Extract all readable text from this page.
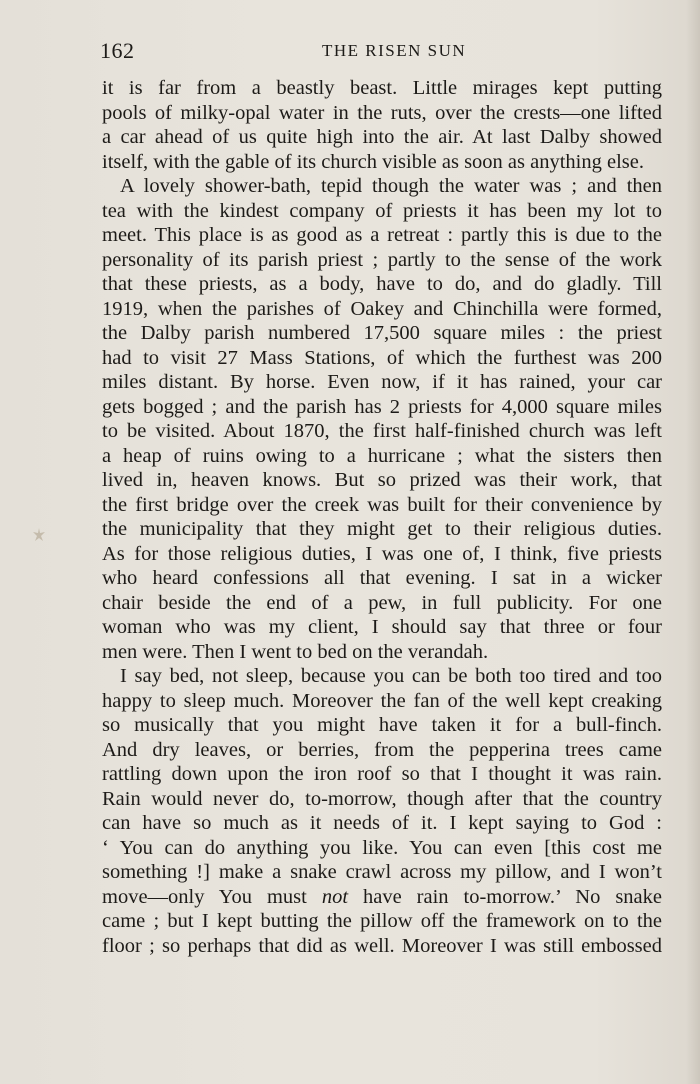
162	THE RISEN SUN
it is far from a beastly beast. Little mirages kept putting
pools of milky-opal water in the ruts, over the crests—one lifted
a car ahead of us quite high into the air. At last Dalby showed
itself, with the gable of its church visible as soon as anything else.
A lovely shower-bath, tepid though the water was ; and then
tea with the kindest company of priests it has been my lot to
meet. This place is as good as a retreat : partly this is due to the
personality of its parish priest ; partly to the sense of the work
that these priests, as a body, have to do, and do gladly. Till
1919, when the parishes of Oakey and Chinchilla were formed,
the Dalby parish numbered 17,500 square miles : the priest
had to visit 27 Mass Stations, of which the furthest was 200
miles distant. By horse. Even now, if it has rained, your car
gets bogged ; and the parish has 2 priests for 4,000 square miles
to be visited. About 1870, the first half-finished church was left
a heap of ruins owing to a hurricane ; what the sisters then
lived in, heaven knows. But so prized was their work, that
the first bridge over the creek was built for their convenience by
the municipality that they might get to their religious duties.
As for those religious duties, I was one of, I think, five priests
who heard confessions all that evening. I sat in a wicker
chair beside the end of a pew, in full publicity. For one
woman who was my client, I should say that three or four
men were. Then I went to bed on the verandah.
I say bed, not sleep, because you can be both too tired and too
happy to sleep much. Moreover the fan of the well kept creaking
so musically that you might have taken it for a bull-finch.
And dry leaves, or berries, from the pepperina trees came
rattling down upon the iron roof so that I thought it was rain.
Rain would never do, to-morrow, though after that the country
can have so much as it needs of it. I kept saying to God :
‘ You can do anything you like. You can even [this cost me
something !] make a snake crawl across my pillow, and I won’t
move—only You must not have rain to-morrow.’ No snake
came ; but I kept butting the pillow off the framework on to the
floor ; so perhaps that did as well. Moreover I was still embossed
